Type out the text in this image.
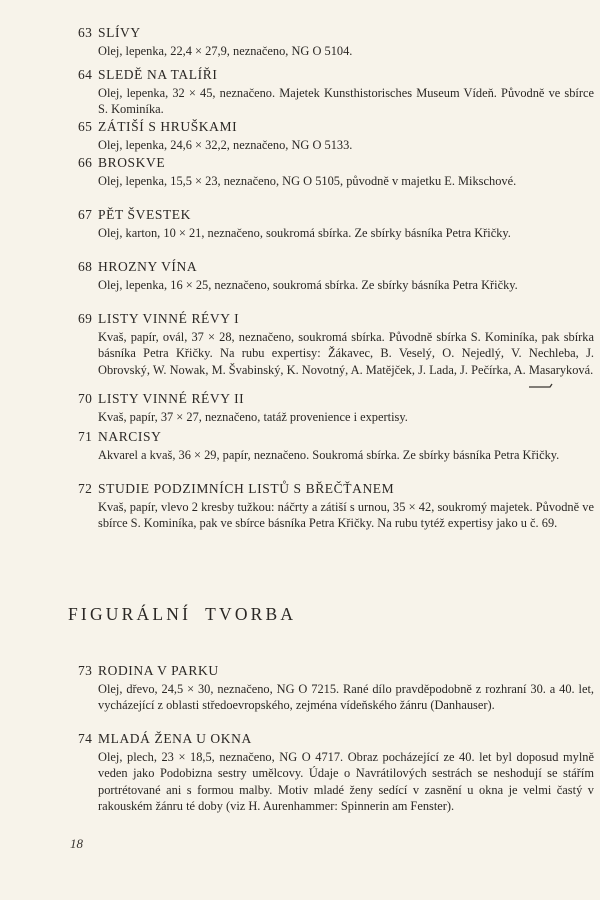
63 SLÍVY
Olej, lepenka, 22,4 × 27,9, neznačeno, NG O 5104.
64 SLEDĚ NA TALÍŘI
Olej, lepenka, 32 × 45, neznačeno. Majetek Kunsthistorisches Museum Vídeň. Původně ve sbírce S. Kominíka.
65 ZÁTIŠÍ S HRUŠKAMI
Olej, lepenka, 24,6 × 32,2, neznačeno, NG O 5133.
66 BROSKVE
Olej, lepenka, 15,5 × 23, neznačeno, NG O 5105, původně v majetku E. Mikschové.
67 PĚT ŠVESTEK
Olej, karton, 10 × 21, neznačeno, soukromá sbírka. Ze sbírky básníka Petra Křičky.
68 HROZNY VÍNA
Olej, lepenka, 16 × 25, neznačeno, soukromá sbírka. Ze sbírky básníka Petra Křičky.
69 LISTY VINNÉ RÉVY I
Kvaš, papír, ovál, 37 × 28, neznačeno, soukromá sbírka. Původně sbírka S. Kominíka, pak sbírka básníka Petra Křičky. Na rubu expertisy: Žákavec, B. Veselý, O. Nejedlý, V. Nechleba, J. Obrovský, W. Nowak, M. Švabinský, K. Novotný, A. Matějček, J. Lada, J. Pečírka, A. Masaryková.
70 LISTY VINNÉ RÉVY II
Kvaš, papír, 37 × 27, neznačeno, tatáž provenience i expertisy.
71 NARCISY
Akvarel a kvaš, 36 × 29, papír, neznačeno. Soukromá sbírka. Ze sbírky básníka Petra Křičky.
72 STUDIE PODZIMNÍCH LISTŮ S BŘEČŤANEM
Kvaš, papír, vlevo 2 kresby tužkou: náčrty a zátiší s urnou, 35 × 42, soukromý majetek. Původně ve sbírce S. Kominíka, pak ve sbírce básníka Petra Křičky. Na rubu tytéž expertisy jako u č. 69.
FIGURÁLNÍ TVORBA
73 RODINA V PARKU
Olej, dřevo, 24,5 × 30, neznačeno, NG O 7215. Rané dílo pravděpodobně z rozhraní 30. a 40. let, vycházející z oblasti středoevropského, zejména vídeňského žánru (Danhauser).
74 MLADÁ ŽENA U OKNA
Olej, plech, 23 × 18,5, neznačeno, NG O 4717. Obraz pocházející ze 40. let byl doposud mylně veden jako Podobizna sestry umělcovy. Údaje o Navrátilových sestrách se neshodují se stářím portrétované ani s formou malby. Motiv mladé ženy sedící v zasnění u okna je velmi častý v rakouském žánru té doby (viz H. Aurenhammer: Spinnerin am Fenster).
18
